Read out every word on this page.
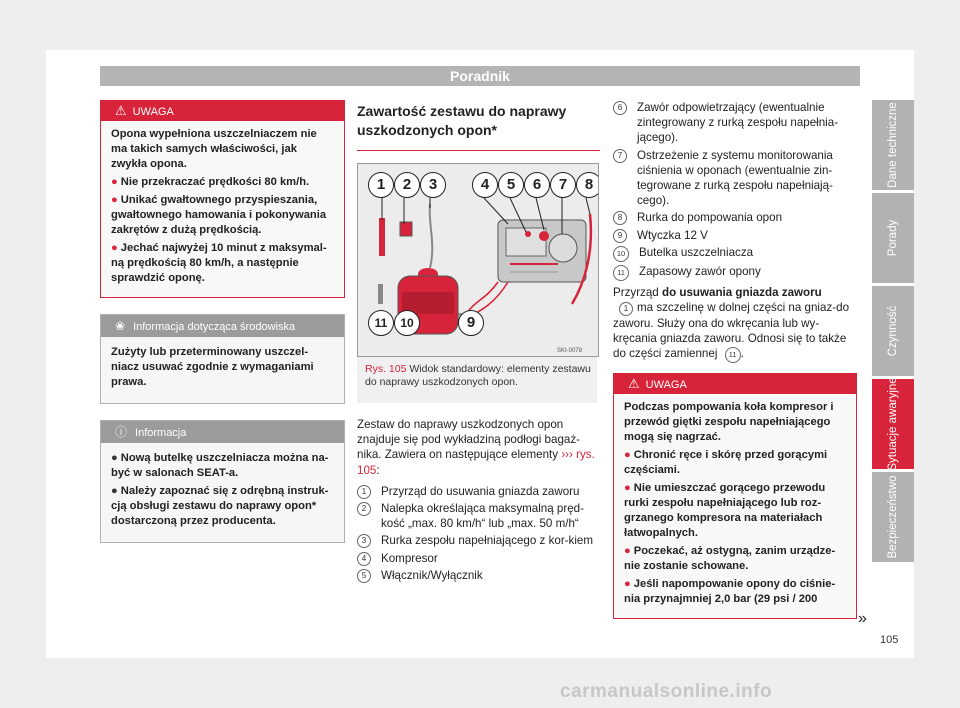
Poradnik
⚠ UWAGA

Opona wypełniona uszczelniaczem nie ma takich samych właściwości, jak zwykła opona.

● Nie przekraczać prędkości 80 km/h.

● Unikać gwałtownego przyspieszania, gwałtownego hamowania i pokonywania zakrętów z dużą prędkością.

● Jechać najwyżej 10 minut z maksymal-ną prędkością 80 km/h, a następnie sprawdzić oponę.

❀ Informacja dotycząca środowiska

Zużyty lub przeterminowany uszczel-niacz usuwać zgodnie z wymaganiami prawa.

ⓘ Informacja

● Nową butelkę uszczelniacza można na-być w salonach SEAT-a.

● Należy zapoznać się z odrębną instruk-cją obsługi zestawu do naprawy opon* dostarczoną przez producenta.

Zawartość zestawu do naprawy uszkodzonych opon*
SKI-0078
1	2	3	4	5	6	7	8
11	10	9
Rys. 105 Widok standardowy: elementy zestawu do naprawy uszkodzonych opon.
Zestaw do naprawy uszkodzonych opon znajduje się pod wykładziną podłogi bagaż-nika. Zawiera on następujące elementy ››› rys. 105:
1	Przyrząd do usuwania gniazda zaworu
2	Nalepka określająca maksymalną pręd-kość „max. 80 km/h“ lub „max. 50 m/h“
3	Rurka zespołu napełniającego z kor-kiem
4	Kompresor
5	Włącznik/Wyłącznik
6	Zawór odpowietrzający (ewentualnie zintegrowany z rurką zespołu napełnia-jącego).
7	Ostrzeżenie z systemu monitorowania ciśnienia w oponach (ewentualnie zin-tegrowane z rurką zespołu napełniają-cego).
8	Rurka do pompowania opon
9	Wtyczka 12 V
10	Butelka uszczelniacza
11	Zapasowy zawór opony
Przyrząd do usuwania gniazda zaworu
1 ma szczelinę w dolnej części na gniaz-do zaworu. Służy ona do wkręcania lub wy-kręcania gniazda zaworu. Odnosi się to także do części zamiennej 11 .
⚠ UWAGA

Podczas pompowania koła kompresor i przewód giętki zespołu napełniającego mogą się nagrzać.

● Chronić ręce i skórę przed gorącymi częściami.

● Nie umieszczać gorącego przewodu rurki zespołu napełniającego lub roz-grzanego kompresora na materiałach łatwopalnych.

● Poczekać, aż ostygną, zanim urządze-nie zostanie schowane.

● Jeśli napompowanie opony do ciśnie-nia przynajmniej 2,0 bar (29 psi / 200

»
Dane techniczne
Porady
Czynność
Sytuacje awaryjne
Bezpieczeństwo
105
carmanualsonline.info
